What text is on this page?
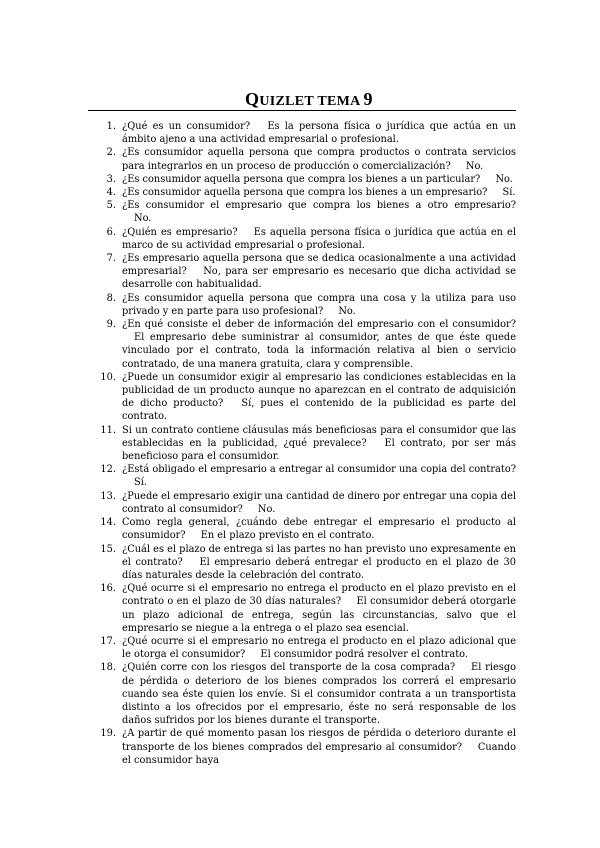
QUIZLET TEMA 9
1. ¿Qué es un consumidor? Es la persona física o jurídica que actúa en un ámbito ajeno a una actividad empresarial o profesional.
2. ¿Es consumidor aquella persona que compra productos o contrata servicios para integrarlos en un proceso de producción o comercialización? No.
3. ¿Es consumidor aquella persona que compra los bienes a un particular? No.
4. ¿Es consumidor aquella persona que compra los bienes a un empresario? Sí.
5. ¿Es consumidor el empresario que compra los bienes a otro empresario? No.
6. ¿Quién es empresario? Es aquella persona física o jurídica que actúa en el marco de su actividad empresarial o profesional.
7. ¿Es empresario aquella persona que se dedica ocasionalmente a una actividad empresarial? No, para ser empresario es necesario que dicha actividad se desarrolle con habitualidad.
8. ¿Es consumidor aquella persona que compra una cosa y la utiliza para uso privado y en parte para uso profesional? No.
9. ¿En qué consiste el deber de información del empresario con el consumidor? El empresario debe suministrar al consumidor, antes de que éste quede vinculado por el contrato, toda la información relativa al bien o servicio contratado, de una manera gratuita, clara y comprensible.
10. ¿Puede un consumidor exigir al empresario las condiciones establecidas en la publicidad de un producto aunque no aparezcan en el contrato de adquisición de dicho producto? Sí, pues el contenido de la publicidad es parte del contrato.
11. Si un contrato contiene cláusulas más beneficiosas para el consumidor que las establecidas en la publicidad, ¿qué prevalece? El contrato, por ser más beneficioso para el consumidor.
12. ¿Está obligado el empresario a entregar al consumidor una copia del contrato? Sí.
13. ¿Puede el empresario exigir una cantidad de dinero por entregar una copia del contrato al consumidor? No.
14. Como regla general, ¿cuándo debe entregar el empresario el producto al consumidor? En el plazo previsto en el contrato.
15. ¿Cuál es el plazo de entrega si las partes no han previsto uno expresamente en el contrato? El empresario deberá entregar el producto en el plazo de 30 días naturales desde la celebración del contrato.
16. ¿Qué ocurre si el empresario no entrega el producto en el plazo previsto en el contrato o en el plazo de 30 días naturales? El consumidor deberá otorgarle un plazo adicional de entrega, según las circunstancias, salvo que el empresario se niegue a la entrega o el plazo sea esencial.
17. ¿Qué ocurre si el empresario no entrega el producto en el plazo adicional que le otorga el consumidor? El consumidor podrá resolver el contrato.
18. ¿Quién corre con los riesgos del transporte de la cosa comprada? El riesgo de pérdida o deterioro de los bienes comprados los correrá el empresario cuando sea éste quien los envíe. Si el consumidor contrata a un transportista distinto a los ofrecidos por el empresario, éste no será responsable de los daños sufridos por los bienes durante el transporte.
19. ¿A partir de qué momento pasan los riesgos de pérdida o deterioro durante el transporte de los bienes comprados del empresario al consumidor? Cuando el consumidor haya
